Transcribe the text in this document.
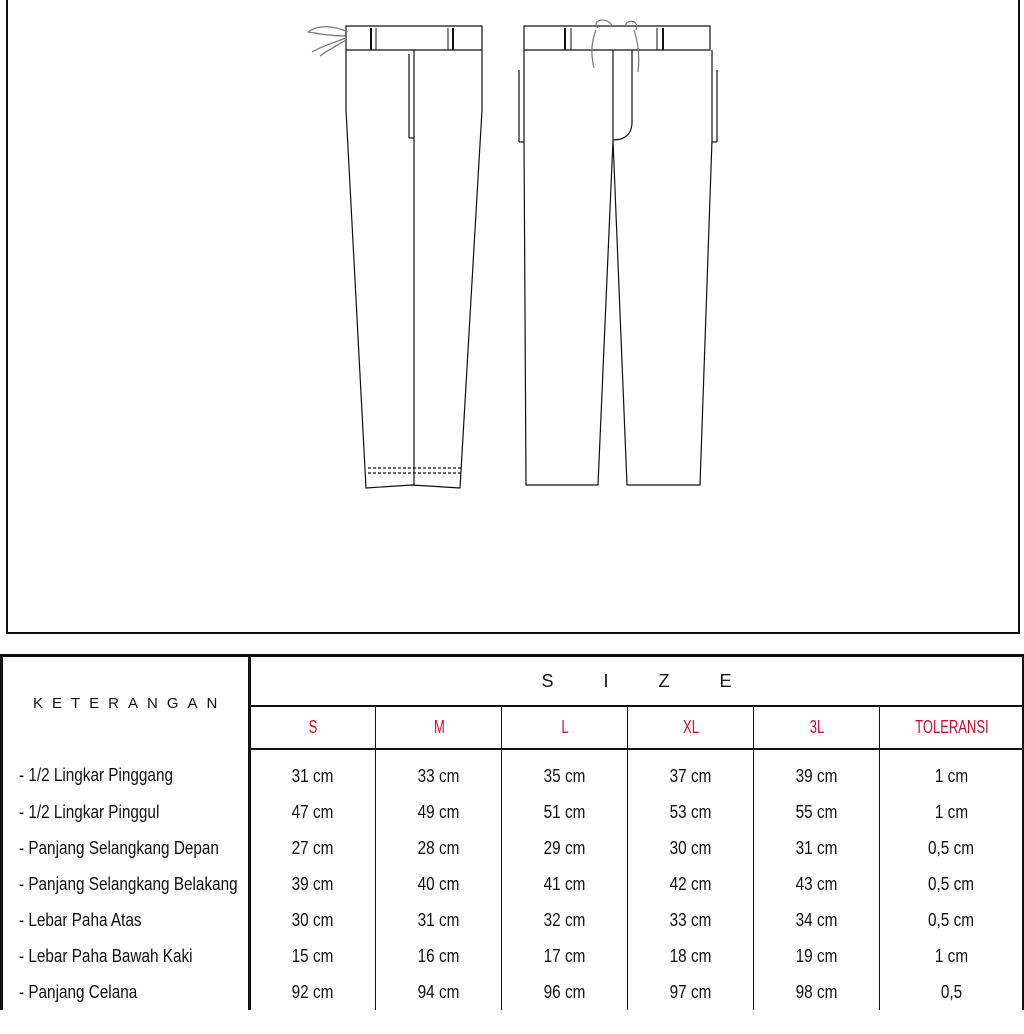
KETERANGAN	SIZE					
	S	M	L	XL	3L	TOLERANSI
- 1/2 Lingkar Pinggang	31 cm	33 cm	35 cm	37 cm	39 cm	1 cm
- 1/2 Lingkar Pinggul	47 cm	49 cm	51 cm	53 cm	55 cm	1 cm
- Panjang Selangkang Depan	27 cm	28 cm	29 cm	30 cm	31 cm	0,5 cm
- Panjang Selangkang Belakang	39 cm	40 cm	41 cm	42 cm	43 cm	0,5 cm
- Lebar Paha Atas	30 cm	31 cm	32 cm	33 cm	34 cm	0,5 cm
- Lebar Paha Bawah Kaki	15 cm	16 cm	17 cm	18 cm	19 cm	1 cm
- Panjang Celana	92 cm	94 cm	96 cm	97 cm	98 cm	0,5
